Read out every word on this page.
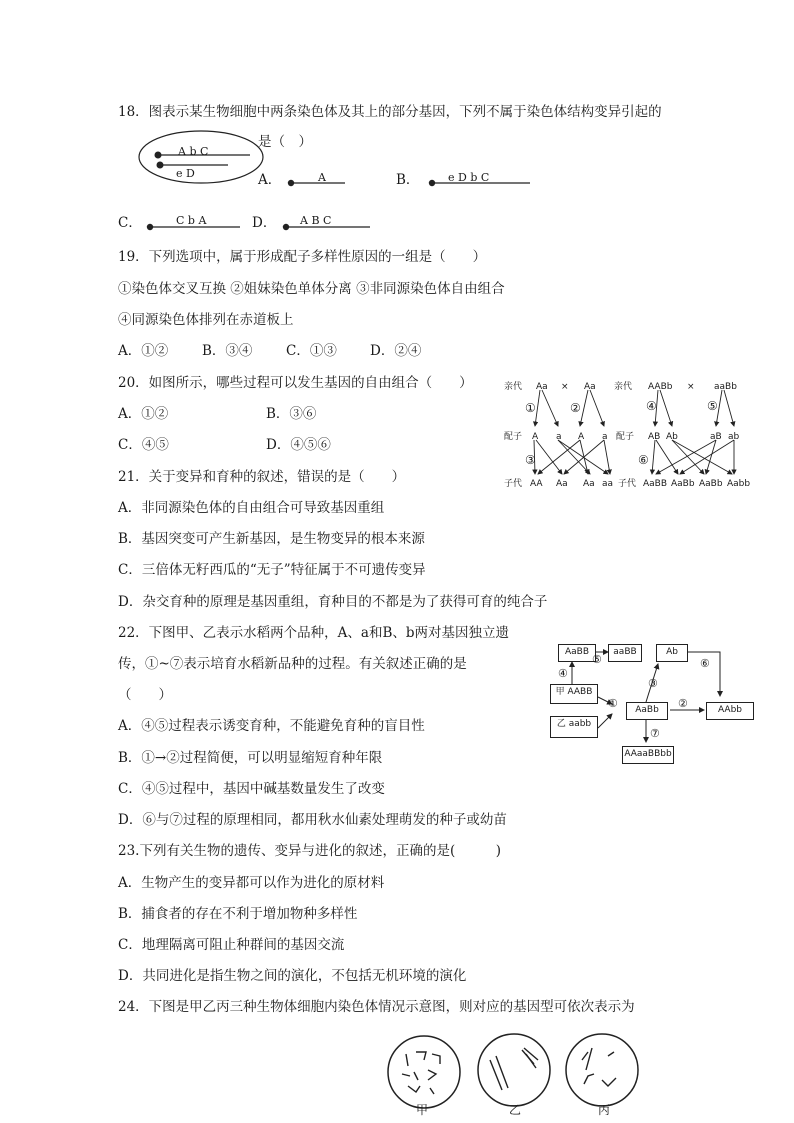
18．图表示某生物细胞中两条染色体及其上的部分基因，下列不属于染色体结构变异引起的
A b C
e D
是（　）
A．	A	B．	e D b C
C．	C b A	D． A B C
19．下列选项中，属于形成配子多样性原因的一组是（　　）
①染色体交叉互换 ②姐妹染色单体分离 ③非同源染色体自由组合
④同源染色体排列在赤道板上
A．①②	B．③④ C．①③ D．②④
20．如图所示，哪些过程可以发生基因的自由组合（　　）
A．①②	B．③⑥
C．④⑤	D．④⑤⑥
亲代 Aa × Aa 亲代 AABb × aaBb
①	②	④	⑤
配子 A a A a 配子 AB Ab	aB ab
③	⑥
子代 AA Aa Aa aa 子代 AaBB AaBb AaBb Aabb
21．关于变异和育种的叙述，错误的是（　　）
A．非同源染色体的自由组合可导致基因重组
B．基因突变可产生新基因，是生物变异的根本来源
C．三倍体无籽西瓜的“无子”特征属于不可遗传变异
D．杂交育种的原理是基因重组，育种目的不都是为了获得可育的纯合子
22．下图甲、乙表示水稻两个品种，A、a和B、b两对基因独立遗
传，①~⑦表示培育水稻新品种的过程。有关叙述正确的是
（　　）
A．④⑤过程表示诱变育种，不能避免育种的盲目性
B．①→②过程简便，可以明显缩短育种年限
C．④⑤过程中，基因中碱基数量发生了改变
D．⑥与⑦过程的原理相同，都用秋水仙素处理萌发的种子或幼苗
AaBB	aaBB
甲 AABB
乙 aabb
AaBb
Ab
AAbb
AAaaBBbb
④
⑤
①
③
②
⑥
⑦
23.下列有关生物的遗传、变异与进化的叙述，正确的是(　　　)
A．生物产生的变异都可以作为进化的原材料
B．捕食者的存在不利于增加物种多样性
C．地理隔离可阻止种群间的基因交流
D．共同进化是指生物之间的演化，不包括无机环境的演化
24．下图是甲乙丙三种生物体细胞内染色体情况示意图，则对应的基因型可依次表示为
甲	乙	丙
